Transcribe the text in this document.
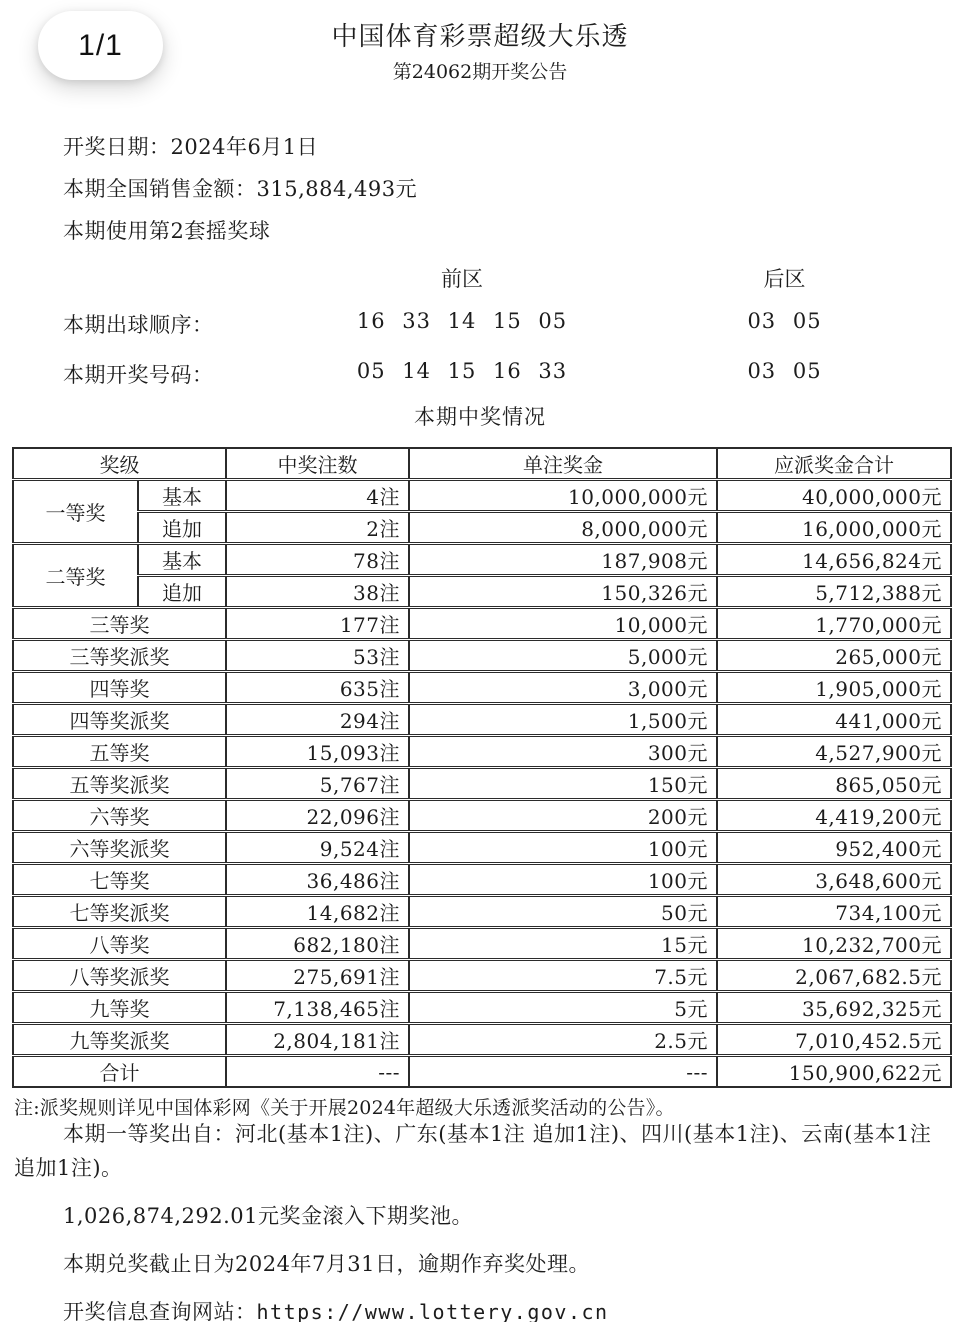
1/1	中国体育彩票超级大乐透
第24062期开奖公告

开奖日期：2024年6月1日

本期全国销售金额：315,884,493元

本期使用第2套摇奖球

前区	后区
本期出球顺序：	16 33 14 15 05	03 05
本期开奖号码：	05 14 15 16 33	03 05
本期中奖情况
奖级		中奖注数	单注奖金	应派奖金合计
一等奖	基本	4注	10,000,000元	40,000,000元
	追加	2注	8,000,000元	16,000,000元
二等奖	基本	78注	187,908元	14,656,824元
	追加	38注	150,326元	5,712,388元
三等奖		177注	10,000元	1,770,000元
三等奖派奖		53注	5,000元	265,000元
四等奖		635注	3,000元	1,905,000元
四等奖派奖		294注	1,500元	441,000元
五等奖		15,093注	300元	4,527,900元
五等奖派奖		5,767注	150元	865,050元
六等奖		22,096注	200元	4,419,200元
六等奖派奖		9,524注	100元	952,400元
七等奖		36,486注	100元	3,648,600元
七等奖派奖		14,682注	50元	734,100元
八等奖		682,180注	15元	10,232,700元
八等奖派奖		275,691注	7.5元	2,067,682.5元
九等奖		7,138,465注	5元	35,692,325元
九等奖派奖		2,804,181注	2.5元	7,010,452.5元
合计		---	---	150,900,622元
注:派奖规则详见中国体彩网《关于开展2024年超级大乐透派奖活动的公告》。

本期一等奖出自：河北(基本1注)、广东(基本1注 追加1注)、四川(基本1注)、云南(基本1注 追加1注)。

1,026,874,292.01元奖金滚入下期奖池。

本期兑奖截止日为2024年7月31日，逾期作弃奖处理。

开奖信息查询网站：https://www.lottery.gov.cn
